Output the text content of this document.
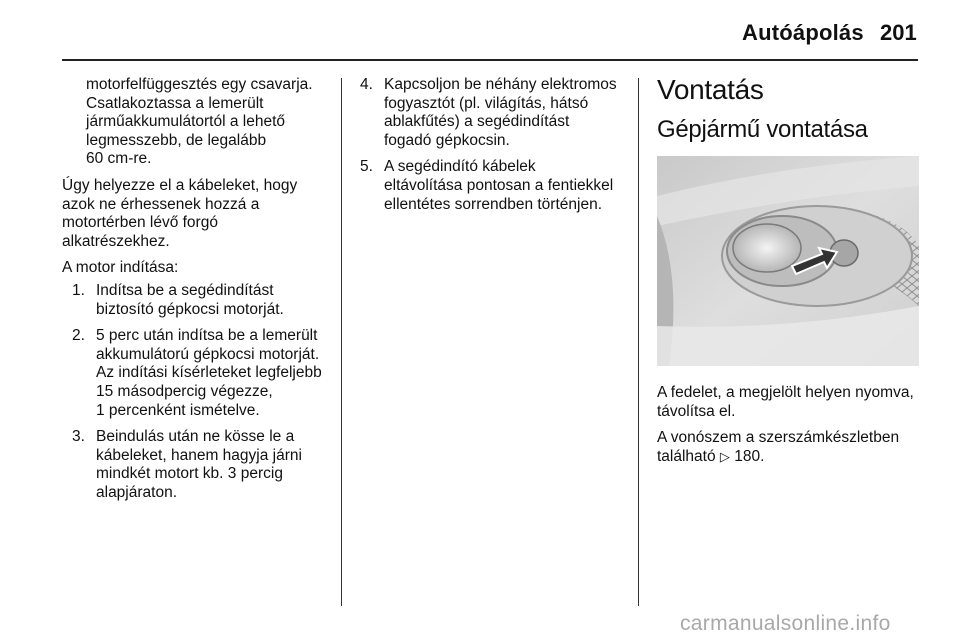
Autóápolás 201
motorfelfüggesztés egy csavarja.
Csatlakoztassa a lemerült
járműakkumulátortól a lehető
legmesszebb, de legalább
60 cm-re.

Úgy helyezze el a kábeleket, hogy
azok ne érhessenek hozzá a
motortérben lévő forgó
alkatrészekhez.

A motor indítása:

1. Indítsa be a segédindítást
biztosító gépkocsi motorját.
2. 5 perc után indítsa be a lemerült
akkumulátorú gépkocsi motorját.
Az indítási kísérleteket legfeljebb
15 másodpercig végezze,
1 percenként ismételve.
3. Beindulás után ne kösse le a
kábeleket, hanem hagyja járni
mindkét motort kb. 3 percig
alapjáraton.
4. Kapcsoljon be néhány elektromos
fogyasztót (pl. világítás, hátsó
ablakfűtés) a segédindítást
fogadó gépkocsin.
5. A segédindító kábelek
eltávolítása pontosan a fentiekkel
ellentétes sorrendben történjen.
Vontatás
Gépjármű vontatása

A fedelet, a megjelölt helyen nyomva,
távolítsa el.

A vonószem a szerszámkészletben
található ▷ 180.

carmanualsonline.info
